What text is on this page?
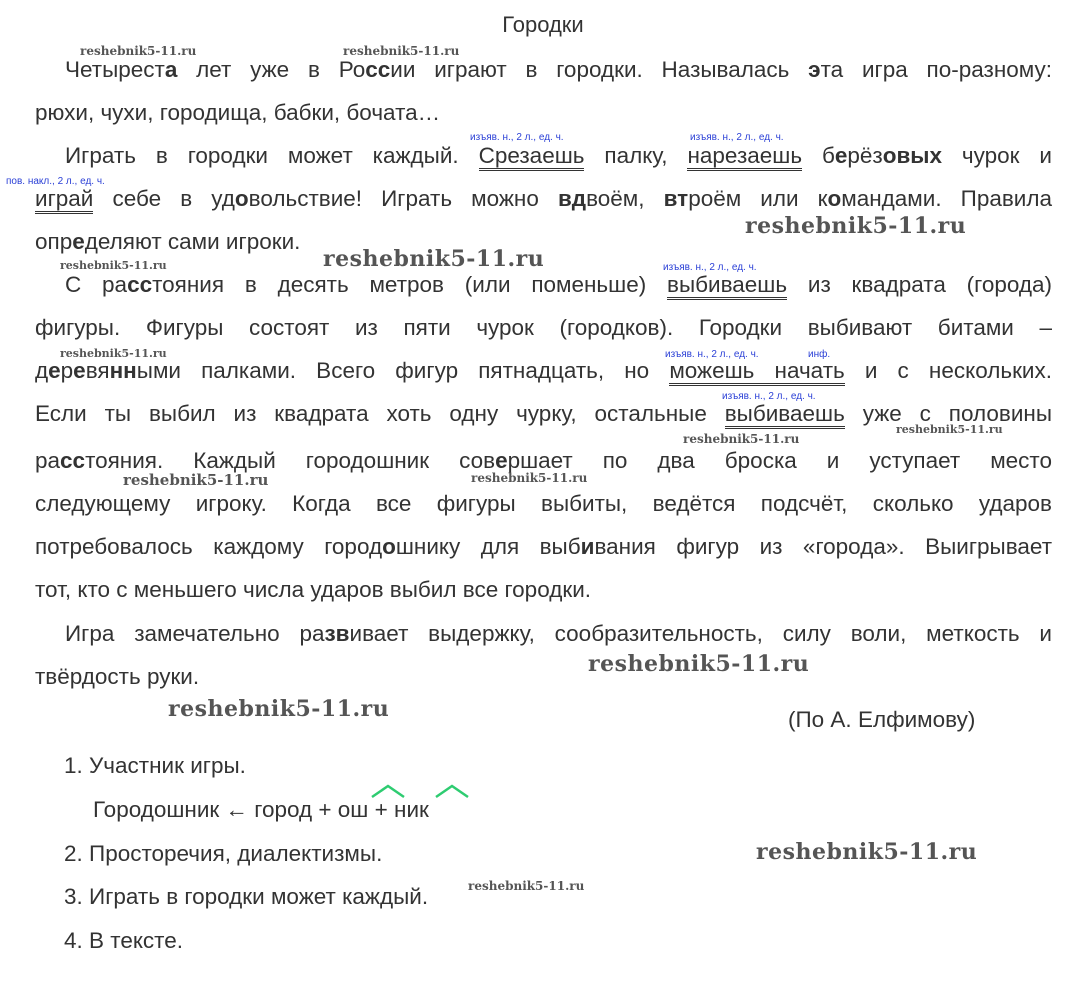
Городки
Четыреста лет уже в России играют в городки. Называлась эта игра по-разному:
рюхи, чухи, городища, бабки, бочата…
Играть в городки может каждый. Срезаешь палку, нарезаешь берёзовых чурок и
играй себе в удовольствие! Играть можно вдвоём, втроём или командами. Правила
определяют сами игроки.
С расстояния в десять метров (или поменьше) выбиваешь из квадрата (города)
фигуры. Фигуры состоят из пяти чурок (городков). Городки выбивают битами –
деревянными палками. Всего фигур пятнадцать, но можешь начать и с нескольких.
Если ты выбил из квадрата хоть одну чурку, остальные выбиваешь уже с половины
расстояния. Каждый городошник совершает по два броска и уступает место
следующему игроку. Когда все фигуры выбиты, ведётся подсчёт, сколько ударов
потребовалось каждому городошнику для выбивания фигур из «города». Выигрывает
тот, кто с меньшего числа ударов выбил все городки.
Игра замечательно развивает выдержку, сообразительность, силу воли, меткость и
твёрдость руки.
(По А. Елфимову)
1. Участник игры.
Городошник ← город + ош + ник
2. Просторечия, диалектизмы.
3. Играть в городки может каждый.
4. В тексте.
изъяв. н., 2 л., ед. ч.	изъяв. н., 2 л., ед. ч.
пов. накл., 2 л., ед. ч.
изъяв. н., 2 л., ед. ч.
изъяв. н., 2 л., ед. ч.	инф.
изъяв. н., 2 л., ед. ч.
reshebnik5-11.ru	reshebnik5-11.ru
reshebnik5-11.ru
reshebnik5-11.ru
reshebnik5-11.ru
reshebnik5-11.ru
reshebnik5-11.ru
reshebnik5-11.ru
reshebnik5-11.ru	reshebnik5-11.ru
reshebnik5-11.ru
reshebnik5-11.ru
reshebnik5-11.ru
reshebnik5-11.ru
